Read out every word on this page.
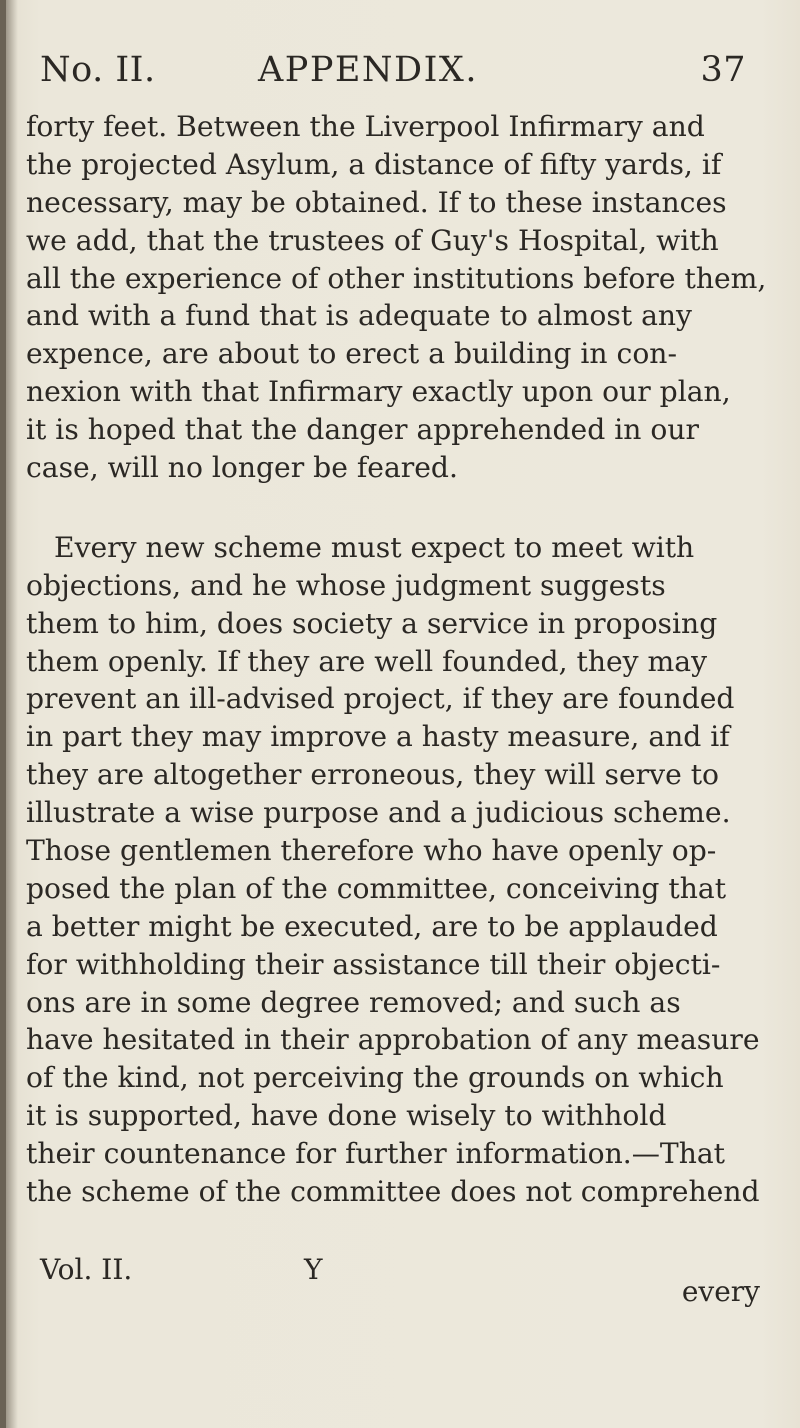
No. II.	APPENDIX.	37
forty feet. Between the Liverpool Infirmary and
the projected Asylum, a distance of fifty yards, if
necessary, may be obtained. If to these instances
we add, that the trustees of Guy's Hospital, with
all the experience of other institutions before them,
and with a fund that is adequate to almost any
expence, are about to erect a building in con-
nexion with that Infirmary exactly upon our plan,
it is hoped that the danger apprehended in our
case, will no longer be feared.
Every new scheme must expect to meet with
objections, and he whose judgment suggests
them to him, does society a service in proposing
them openly. If they are well founded, they may
prevent an ill-advised project, if they are founded
in part they may improve a hasty measure, and if
they are altogether erroneous, they will serve to
illustrate a wise purpose and a judicious scheme.
Those gentlemen therefore who have openly op-
posed the plan of the committee, conceiving that
a better might be executed, are to be applauded
for withholding their assistance till their objecti-
ons are in some degree removed; and such as
have hesitated in their approbation of any measure
of the kind, not perceiving the grounds on which
it is supported, have done wisely to withhold
their countenance for further information.—That
the scheme of the committee does not comprehend
Vol. II.	Y
every
